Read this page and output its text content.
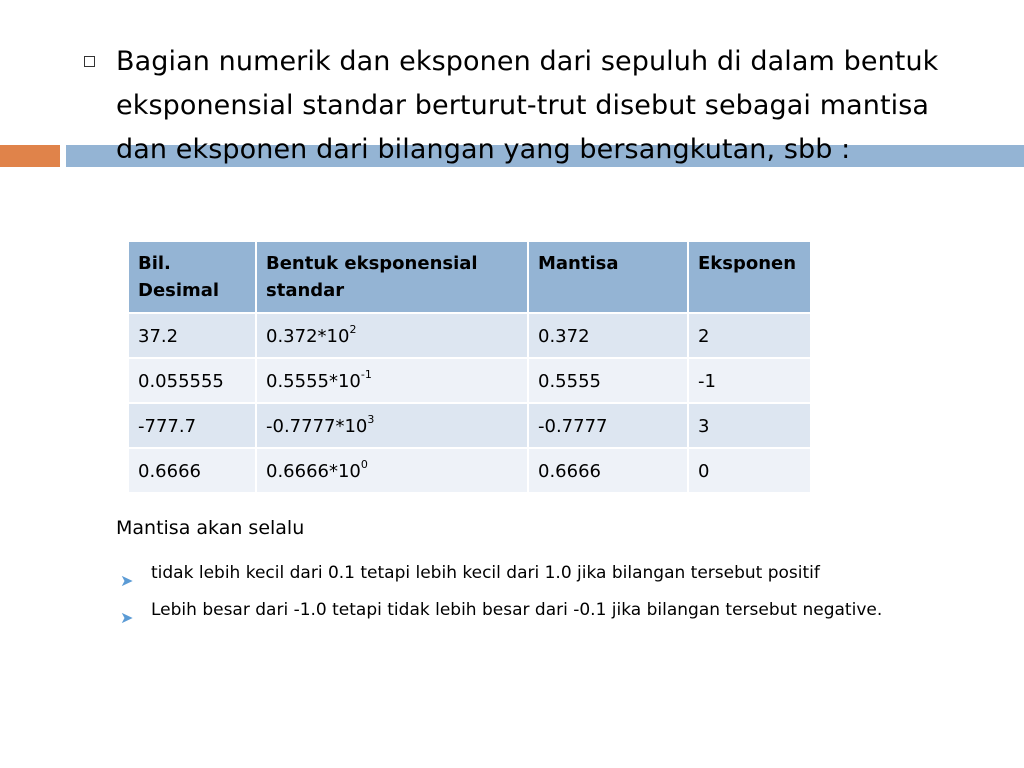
Bagian numerik dan eksponen dari sepuluh di dalam bentuk eksponensial standar berturut-trut disebut sebagai mantisa dan eksponen dari bilangan yang bersangkutan, sbb :

Bil. Desimal	Bentuk eksponensial standar	Mantisa	Eksponen
37.2	$0.372*10^2$	0.372	2
0.055555	$0.5555*10^{-1}$	0.5555	-1
-777.7	$-0.7777*10^3$	-0.7777	3
0.6666	$0.6666*10^0$	0.6666	0

Mantisa akan selalu

➤ tidak lebih kecil dari 0.1 tetapi lebih kecil dari 1.0 jika bilangan tersebut positif
➤ Lebih besar dari -1.0 tetapi tidak lebih besar dari -0.1 jika bilangan tersebut negative.
